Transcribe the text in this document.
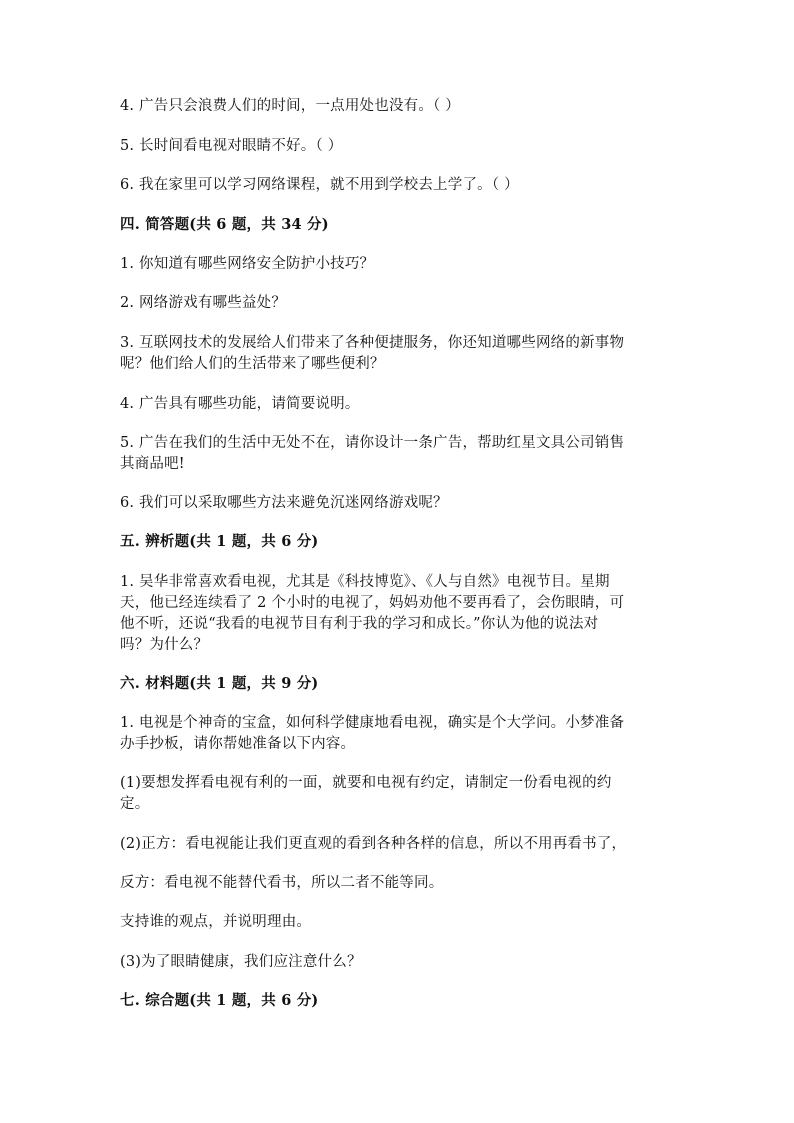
4. 广告只会浪费人们的时间，一点用处也没有。（ ）
5. 长时间看电视对眼睛不好。（ ）
6. 我在家里可以学习网络课程，就不用到学校去上学了。（ ）
四. 简答题(共 6 题，共 34 分)
1. 你知道有哪些网络安全防护小技巧？
2. 网络游戏有哪些益处？
3. 互联网技术的发展给人们带来了各种便捷服务，你还知道哪些网络的新事物
呢？他们给人们的生活带来了哪些便利？
4. 广告具有哪些功能，请简要说明。
5. 广告在我们的生活中无处不在，请你设计一条广告，帮助红星文具公司销售
其商品吧!
6. 我们可以采取哪些方法来避免沉迷网络游戏呢？
五. 辨析题(共 1 题，共 6 分)
1. 吴华非常喜欢看电视，尤其是《科技博览》、《人与自然》电视节目。星期
天，他已经连续看了 2 个小时的电视了，妈妈劝他不要再看了，会伤眼睛，可
他不听，还说“我看的电视节目有利于我的学习和成长。”你认为他的说法对
吗？为什么？
六. 材料题(共 1 题，共 9 分)
1. 电视是个神奇的宝盒，如何科学健康地看电视，确实是个大学问。小梦准备
办手抄板，请你帮她准备以下内容。
(1)要想发挥看电视有利的一面，就要和电视有约定，请制定一份看电视的约
定。
(2)正方：看电视能让我们更直观的看到各种各样的信息，所以不用再看书了，
反方：看电视不能替代看书，所以二者不能等同。
支持谁的观点，并说明理由。
(3)为了眼睛健康，我们应注意什么？
七. 综合题(共 1 题，共 6 分)
